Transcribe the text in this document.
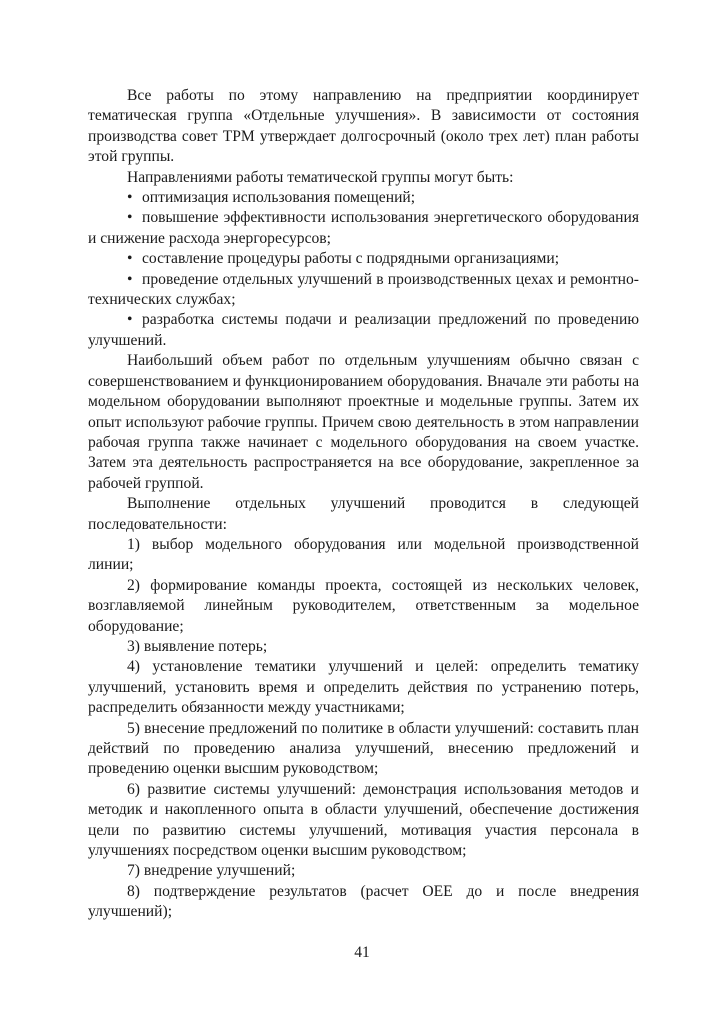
Все работы по этому направлению на предприятии координирует тематическая группа «Отдельные улучшения». В зависимости от состояния производства совет ТРМ утверждает долгосрочный (около трех лет) план работы этой группы.

Направлениями работы тематической группы могут быть:

• оптимизация использования помещений;

• повышение эффективности использования энергетического оборудования и снижение расхода энергоресурсов;

• составление процедуры работы с подрядными организациями;

• проведение отдельных улучшений в производственных цехах и ремонтно-технических службах;

• разработка системы подачи и реализации предложений по проведению улучшений.

Наибольший объем работ по отдельным улучшениям обычно связан с совершенствованием и функционированием оборудования. Вначале эти работы на модельном оборудовании выполняют проектные и модельные группы. Затем их опыт используют рабочие группы. Причем свою деятельность в этом направлении рабочая группа также начинает с модельного оборудования на своем участке. Затем эта деятельность распространяется на все оборудование, закрепленное за рабочей группой.

Выполнение отдельных улучшений проводится в следующей последовательности:

1) выбор модельного оборудования или модельной производственной линии;

2) формирование команды проекта, состоящей из нескольких человек, возглавляемой линейным руководителем, ответственным за модельное оборудование;

3) выявление потерь;

4) установление тематики улучшений и целей: определить тематику улучшений, установить время и определить действия по устранению потерь, распределить обязанности между участниками;

5) внесение предложений по политике в области улучшений: составить план действий по проведению анализа улучшений, внесению предложений и проведению оценки высшим руководством;

6) развитие системы улучшений: демонстрация использования методов и методик и накопленного опыта в области улучшений, обеспечение достижения цели по развитию системы улучшений, мотивация участия персонала в улучшениях посредством оценки высшим руководством;

7) внедрение улучшений;

8) подтверждение результатов (расчет ОЕЕ до и после внедрения улучшений);

41
